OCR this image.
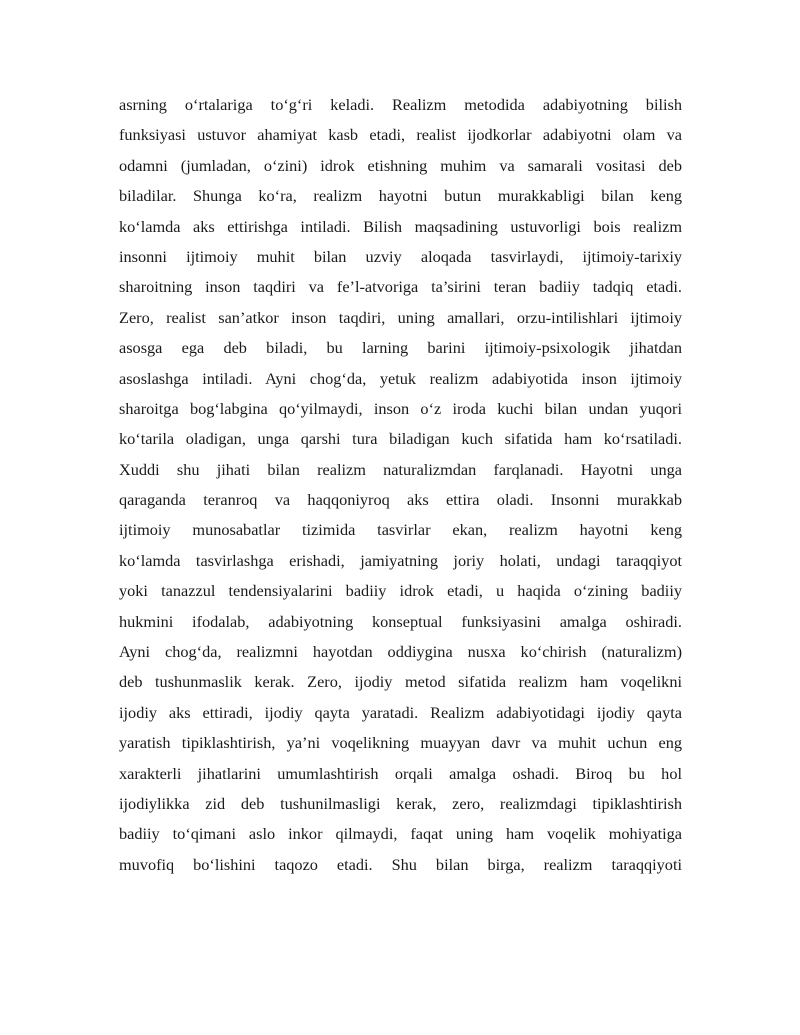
asrning o‘rtalariga to‘g‘ri keladi. Realizm metodida adabiyotning bilish
funksiyasi ustuvor ahamiyat kasb etadi, realist ijodkorlar adabiyotni olam va
odamni (jumladan, o‘zini) idrok etishning muhim va samarali vositasi deb
biladilar. Shunga ko‘ra, realizm hayotni butun murakkabligi bilan keng
ko‘lamda aks ettirishga intiladi. Bilish maqsadining ustuvorligi bois realizm
insonni ijtimoiy muhit bilan uzviy aloqada tasvirlaydi, ijtimoiy-tarixiy
sharoitning inson taqdiri va fe’l-atvoriga ta’sirini teran badiiy tadqiq etadi.
Zero, realist san’atkor inson taqdiri, uning amallari, orzu-intilishlari ijtimoiy
asosga ega deb biladi, bu larning barini ijtimoiy-psixologik jihatdan
asoslashga intiladi. Ayni chog‘da, yetuk realizm adabiyotida inson ijtimoiy
sharoitga bog‘labgina qo‘yilmaydi, inson o‘z iroda kuchi bilan undan yuqori
ko‘tarila oladigan, unga qarshi tura biladigan kuch sifatida ham ko‘rsatiladi.
Xuddi shu jihati bilan realizm naturalizmdan farqlanadi. Hayotni unga
qaraganda teranroq va haqqoniyroq aks ettira oladi. Insonni murakkab
ijtimoiy munosabatlar tizimida tasvirlar ekan, realizm hayotni keng
ko‘lamda tasvirlashga erishadi, jamiyatning joriy holati, undagi taraqqiyot
yoki tanazzul tendensiyalarini badiiy idrok etadi, u haqida o‘zining badiiy
hukmini ifodalab, adabiyotning konseptual funksiyasini amalga oshiradi.
Ayni chog‘da, realizmni hayotdan oddiygina nusxa ko‘chirish (naturalizm)
deb tushunmaslik kerak. Zero, ijodiy metod sifatida realizm ham voqelikni
ijodiy aks ettiradi, ijodiy qayta yaratadi. Realizm adabiyotidagi ijodiy qayta
yaratish tipiklashtirish, ya’ni voqelikning muayyan davr va muhit uchun eng
xarakterli jihatlarini umumlashtirish orqali amalga oshadi. Biroq bu hol
ijodiylikka zid deb tushunilmasligi kerak, zero, realizmdagi tipiklashtirish
badiiy to‘qimani aslo inkor qilmaydi, faqat uning ham voqelik mohiyatiga
muvofiq bo‘lishini taqozo etadi. Shu bilan birga, realizm taraqqiyoti
